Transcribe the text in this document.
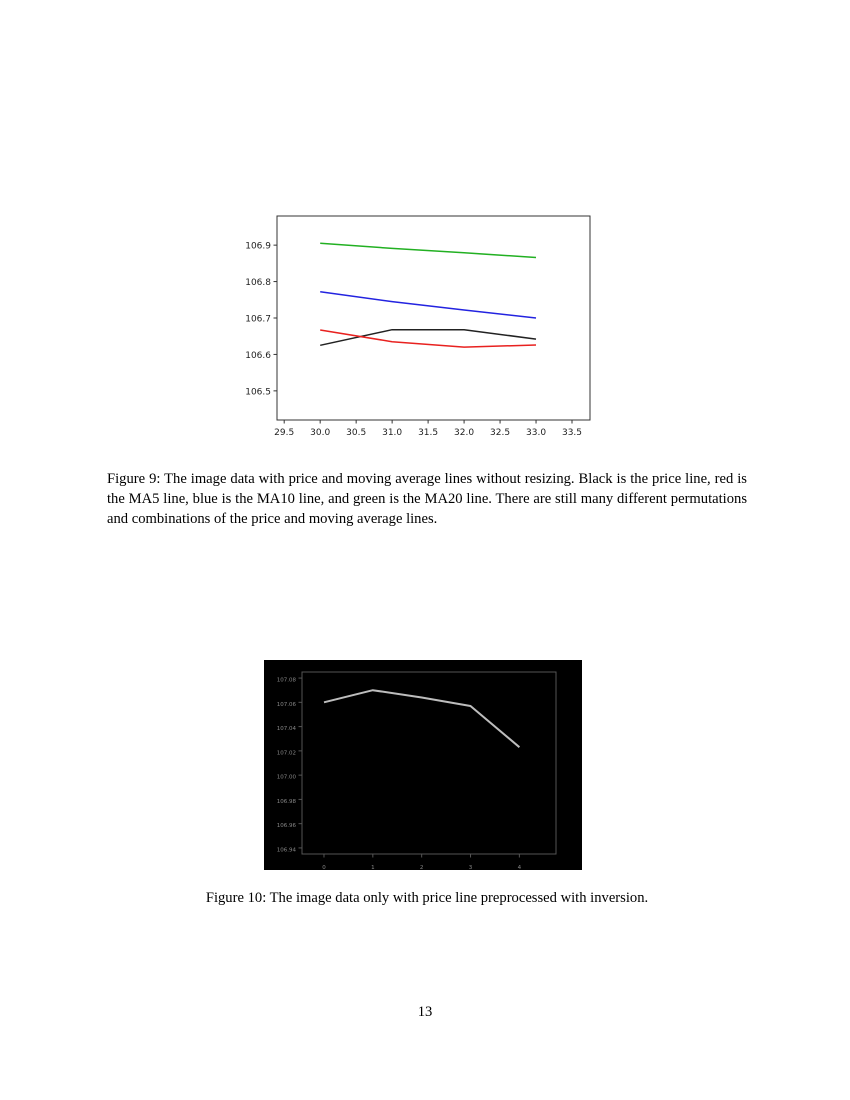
29.5 30.0 30.5 31.0 31.5 32.0 32.5 33.0 33.5
106.5
106.6
106.7
106.8
106.9

Figure 9: The image data with price and moving average lines without resizing. Black is the price line, red is the MA5 line, blue is the MA10 line, and green is the MA20 line. There are still many different permutations and combinations of the price and moving average lines.

0	1	2	3	4
107.08
107.06
107.04
107.02
107.00
106.98
106.96
106.94

Figure 10: The image data only with price line preprocessed with inversion.

13
